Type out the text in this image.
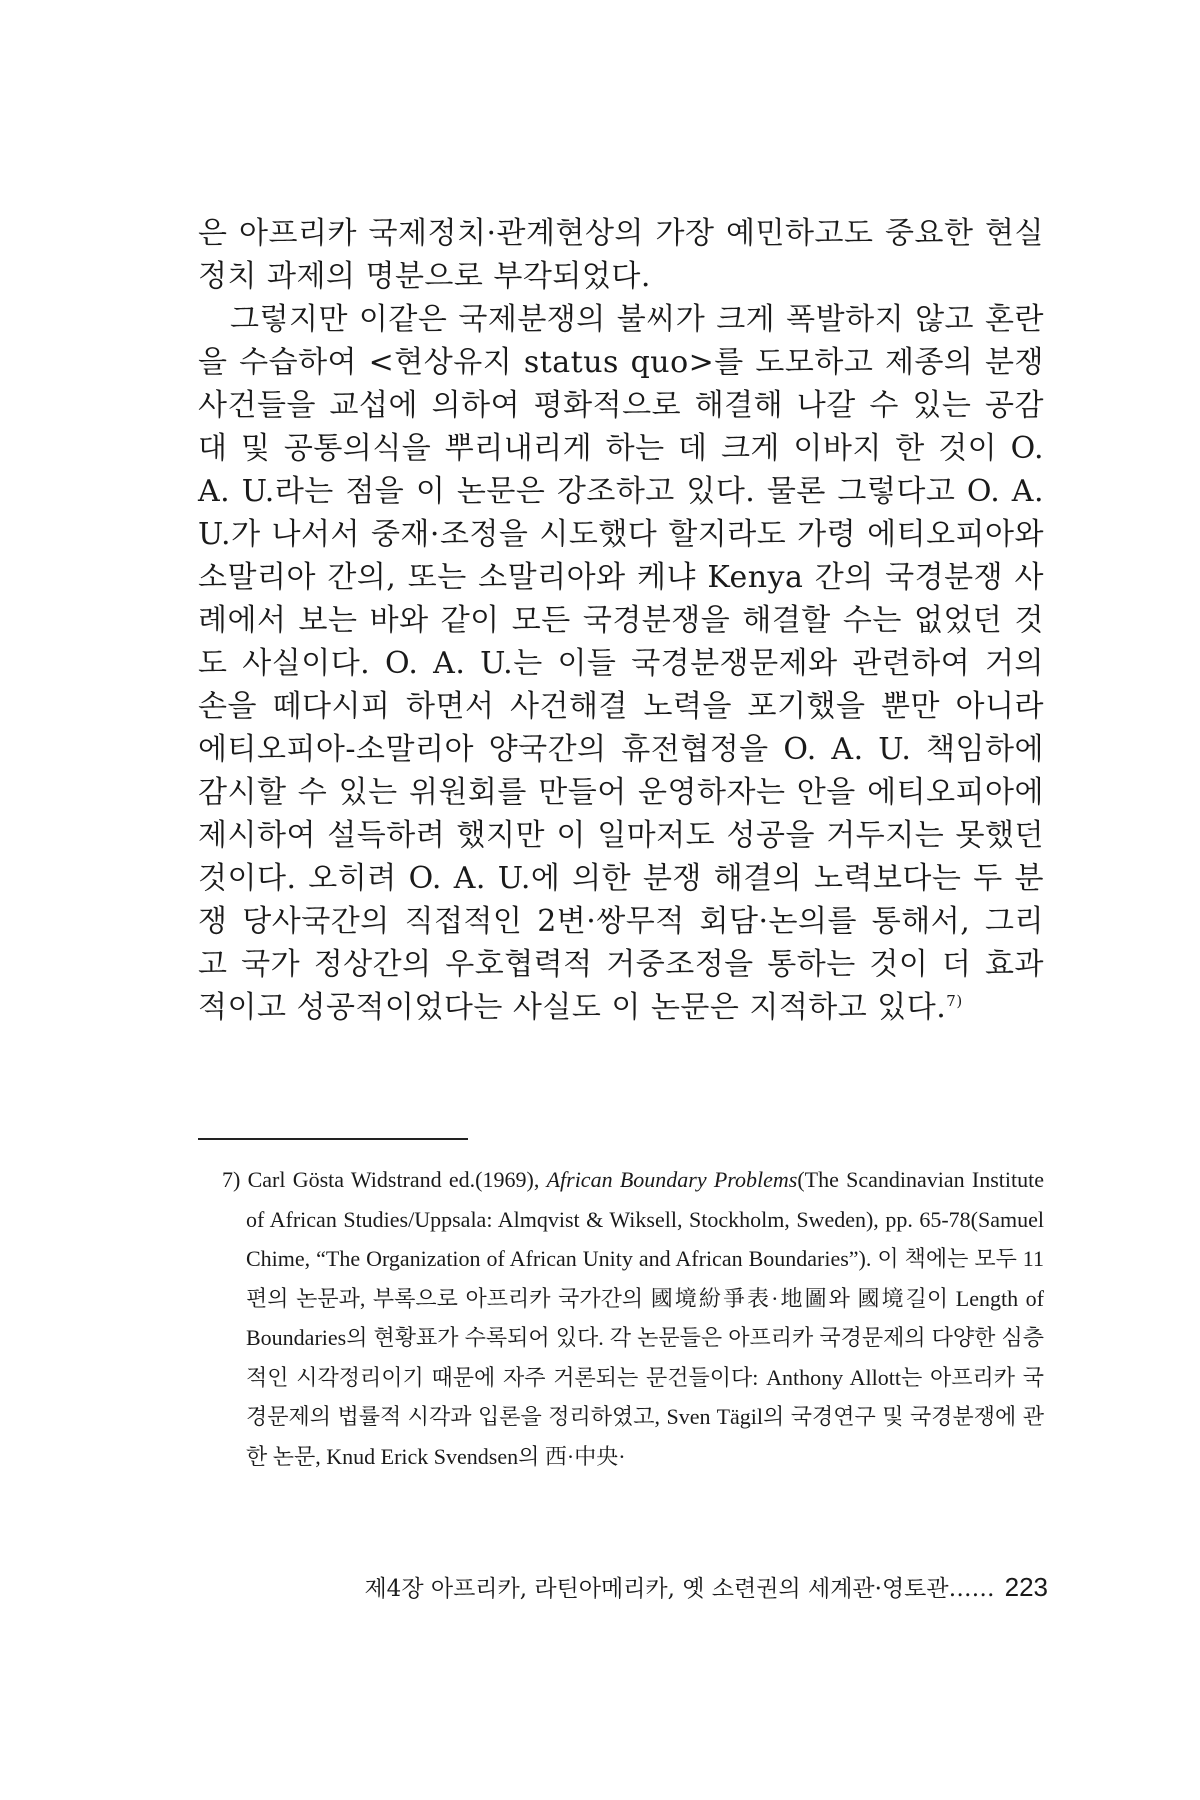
은 아프리카 국제정치·관계현상의 가장 예민하고도 중요한 현실정치 과제의 명분으로 부각되었다.

그렇지만 이같은 국제분쟁의 불씨가 크게 폭발하지 않고 혼란을 수습하여 <현상유지 status quo>를 도모하고 제종의 분쟁사건들을 교섭에 의하여 평화적으로 해결해 나갈 수 있는 공감대 및 공통의식을 뿌리내리게 하는 데 크게 이바지 한 것이 O. A. U.라는 점을 이 논문은 강조하고 있다. 물론 그렇다고 O. A. U.가 나서서 중재·조정을 시도했다 할지라도 가령 에티오피아와 소말리아 간의, 또는 소말리아와 케냐 Kenya 간의 국경분쟁 사례에서 보는 바와 같이 모든 국경분쟁을 해결할 수는 없었던 것도 사실이다. O. A. U.는 이들 국경분쟁문제와 관련하여 거의 손을 떼다시피 하면서 사건해결 노력을 포기했을 뿐만 아니라 에티오피아-소말리아 양국간의 휴전협정을 O. A. U. 책임하에 감시할 수 있는 위원회를 만들어 운영하자는 안을 에티오피아에 제시하여 설득하려 했지만 이 일마저도 성공을 거두지는 못했던 것이다. 오히려 O. A. U.에 의한 분쟁 해결의 노력보다는 두 분쟁 당사국간의 직접적인 2변·쌍무적 회담·논의를 통해서, 그리고 국가 정상간의 우호협력적 거중조정을 통하는 것이 더 효과적이고 성공적이었다는 사실도 이 논문은 지적하고 있다.$^{7)}$

7) Carl Gösta Widstrand ed.(1969), African Boundary Problems(The Scandinavian Institute of African Studies/Uppsala: Almqvist & Wiksell, Stockholm, Sweden), pp. 65-78(Samuel Chime, “The Organization of African Unity and African Boundaries”). 이 책에는 모두 11편의 논문과, 부록으로 아프리카 국가간의 國境紛爭表·地圖와 國境길이 Length of Boundaries의 현황표가 수록되어 있다. 각 논문들은 아프리카 국경문제의 다양한 심층적인 시각정리이기 때문에 자주 거론되는 문건들이다: Anthony Allott는 아프리카 국경문제의 법률적 시각과 입론을 정리하였고, Sven Tägil의 국경연구 및 국경분쟁에 관한 논문, Knud Erick Svendsen의 西·中央·

제4장 아프리카, 라틴아메리카, 옛 소련권의 세계관·영토관…… 223
